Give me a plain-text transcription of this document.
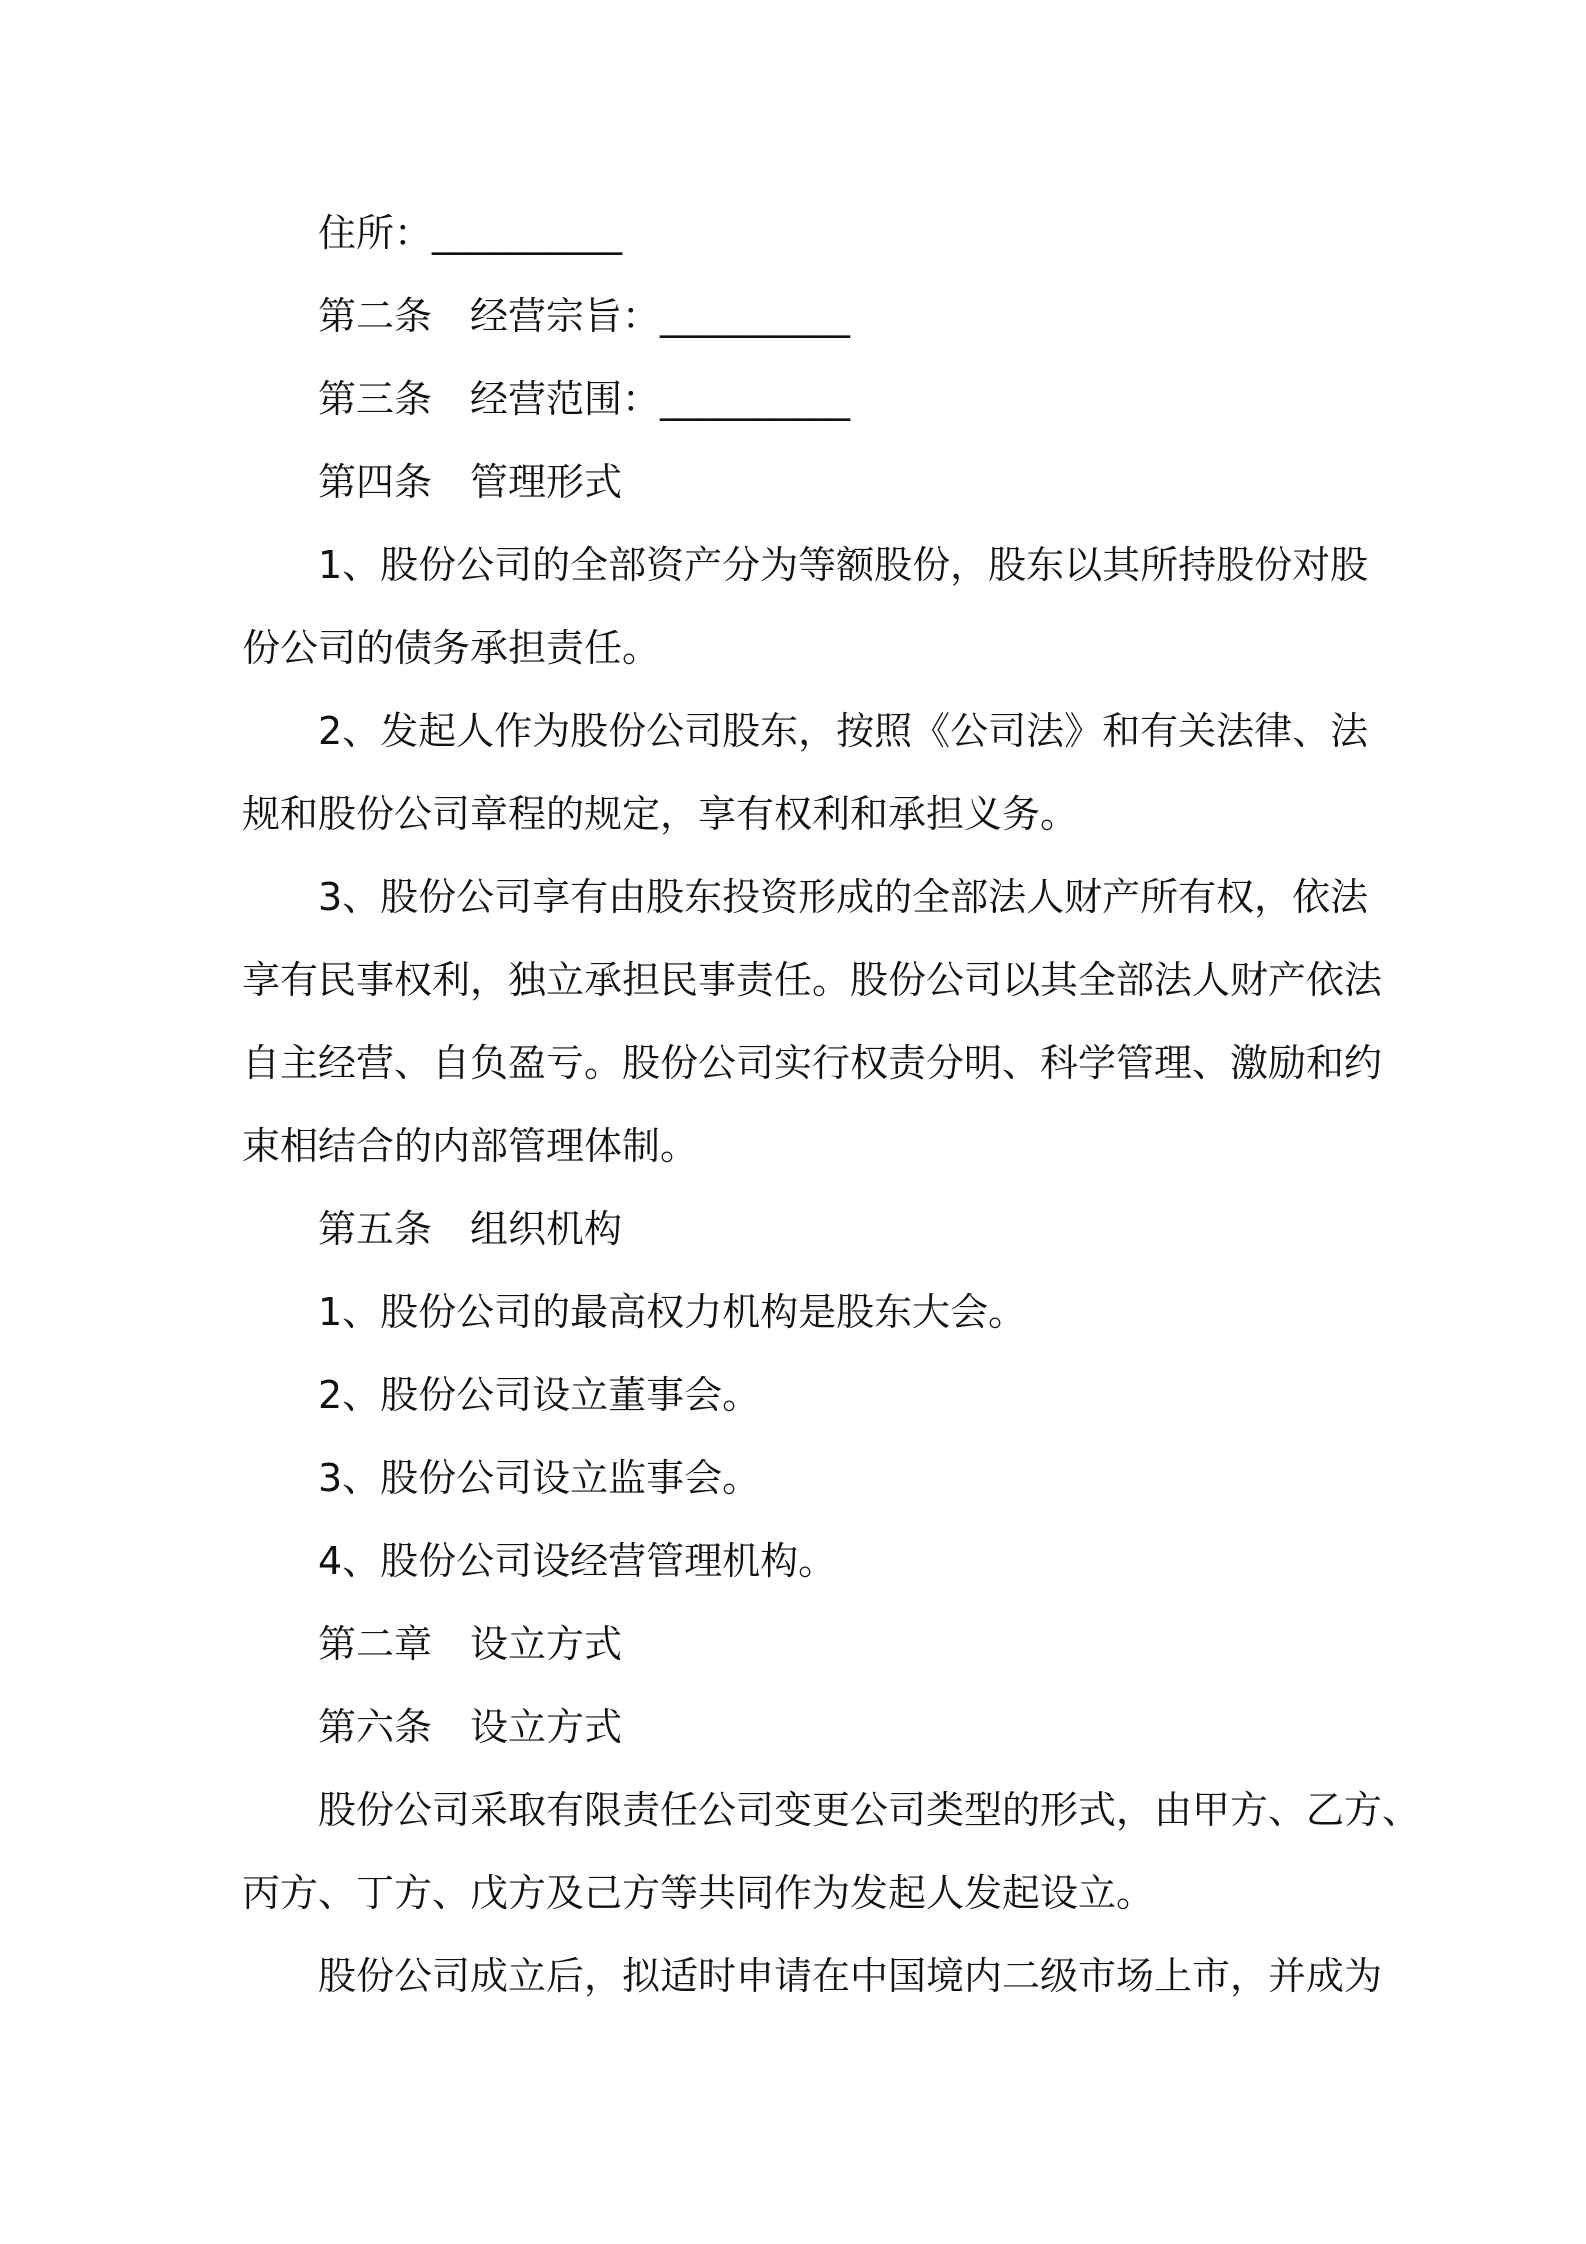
住所：__________
第二条　经营宗旨：__________
第三条　经营范围：__________
第四条　管理形式
1、股份公司的全部资产分为等额股份，股东以其所持股份对股
份公司的债务承担责任。
2、发起人作为股份公司股东，按照《公司法》和有关法律、法
规和股份公司章程的规定，享有权利和承担义务。
3、股份公司享有由股东投资形成的全部法人财产所有权，依法
享有民事权利，独立承担民事责任。股份公司以其全部法人财产依法
自主经营、自负盈亏。股份公司实行权责分明、科学管理、激励和约
束相结合的内部管理体制。
第五条　组织机构
1、股份公司的最高权力机构是股东大会。
2、股份公司设立董事会。
3、股份公司设立监事会。
4、股份公司设经营管理机构。
第二章　设立方式
第六条　设立方式
股份公司采取有限责任公司变更公司类型的形式，由甲方、乙方、
丙方、丁方、戊方及己方等共同作为发起人发起设立。
股份公司成立后，拟适时申请在中国境内二级市场上市，并成为
